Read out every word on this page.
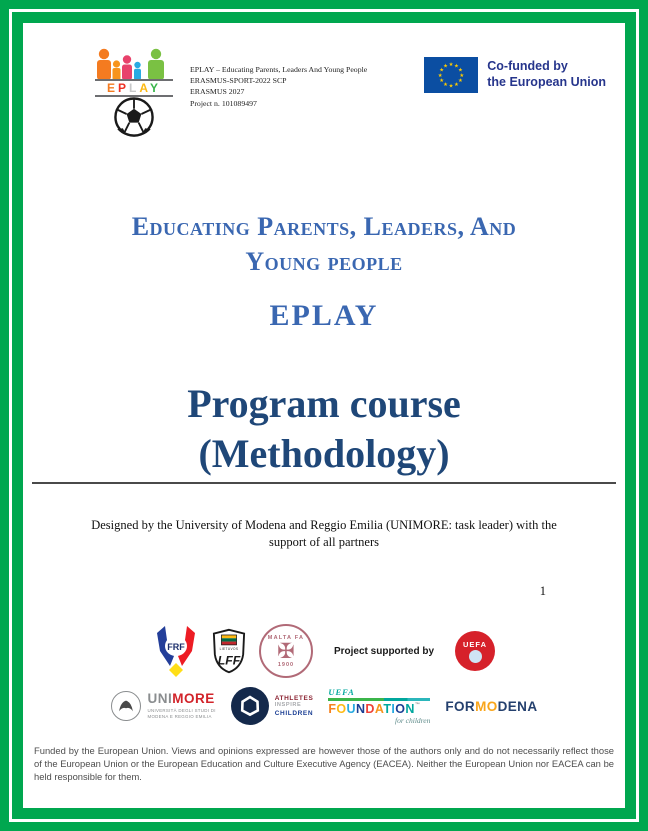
EPLAY
EPLAY – Educating Parents, Leaders And Young People
ERASMUS-SPORT-2022 SCP
ERASMUS 2027
Project n. 101089497
★ ★
★
★
★
★
★
★
★
★
★
★	Co-funded by
the European Union
Educating Parents, Leaders, And
Young people
EPLAY
Program course
(Methodology)

Designed by the University of Modena and Reggio Emilia (UNIMORE: task leader) with the support of all partners

1
FRF	LIETUVOS
LFF
MALTA FA
✠
1900
Project supported by
UEFA
UNIMORE
UNIVERSITÀ DEGLI STUDI DI
MODENA E REGGIO EMILIA
ATHLETES
INSPIRE
CHILDREN
UEFA
FOUNDATION™
for children
FORMODENA

Funded by the European Union. Views and opinions expressed are however those of the authors only and do not necessarily reflect those of the European Union or the European Education and Culture Executive Agency (EACEA). Neither the European Union nor EACEA can be held responsible for them.
